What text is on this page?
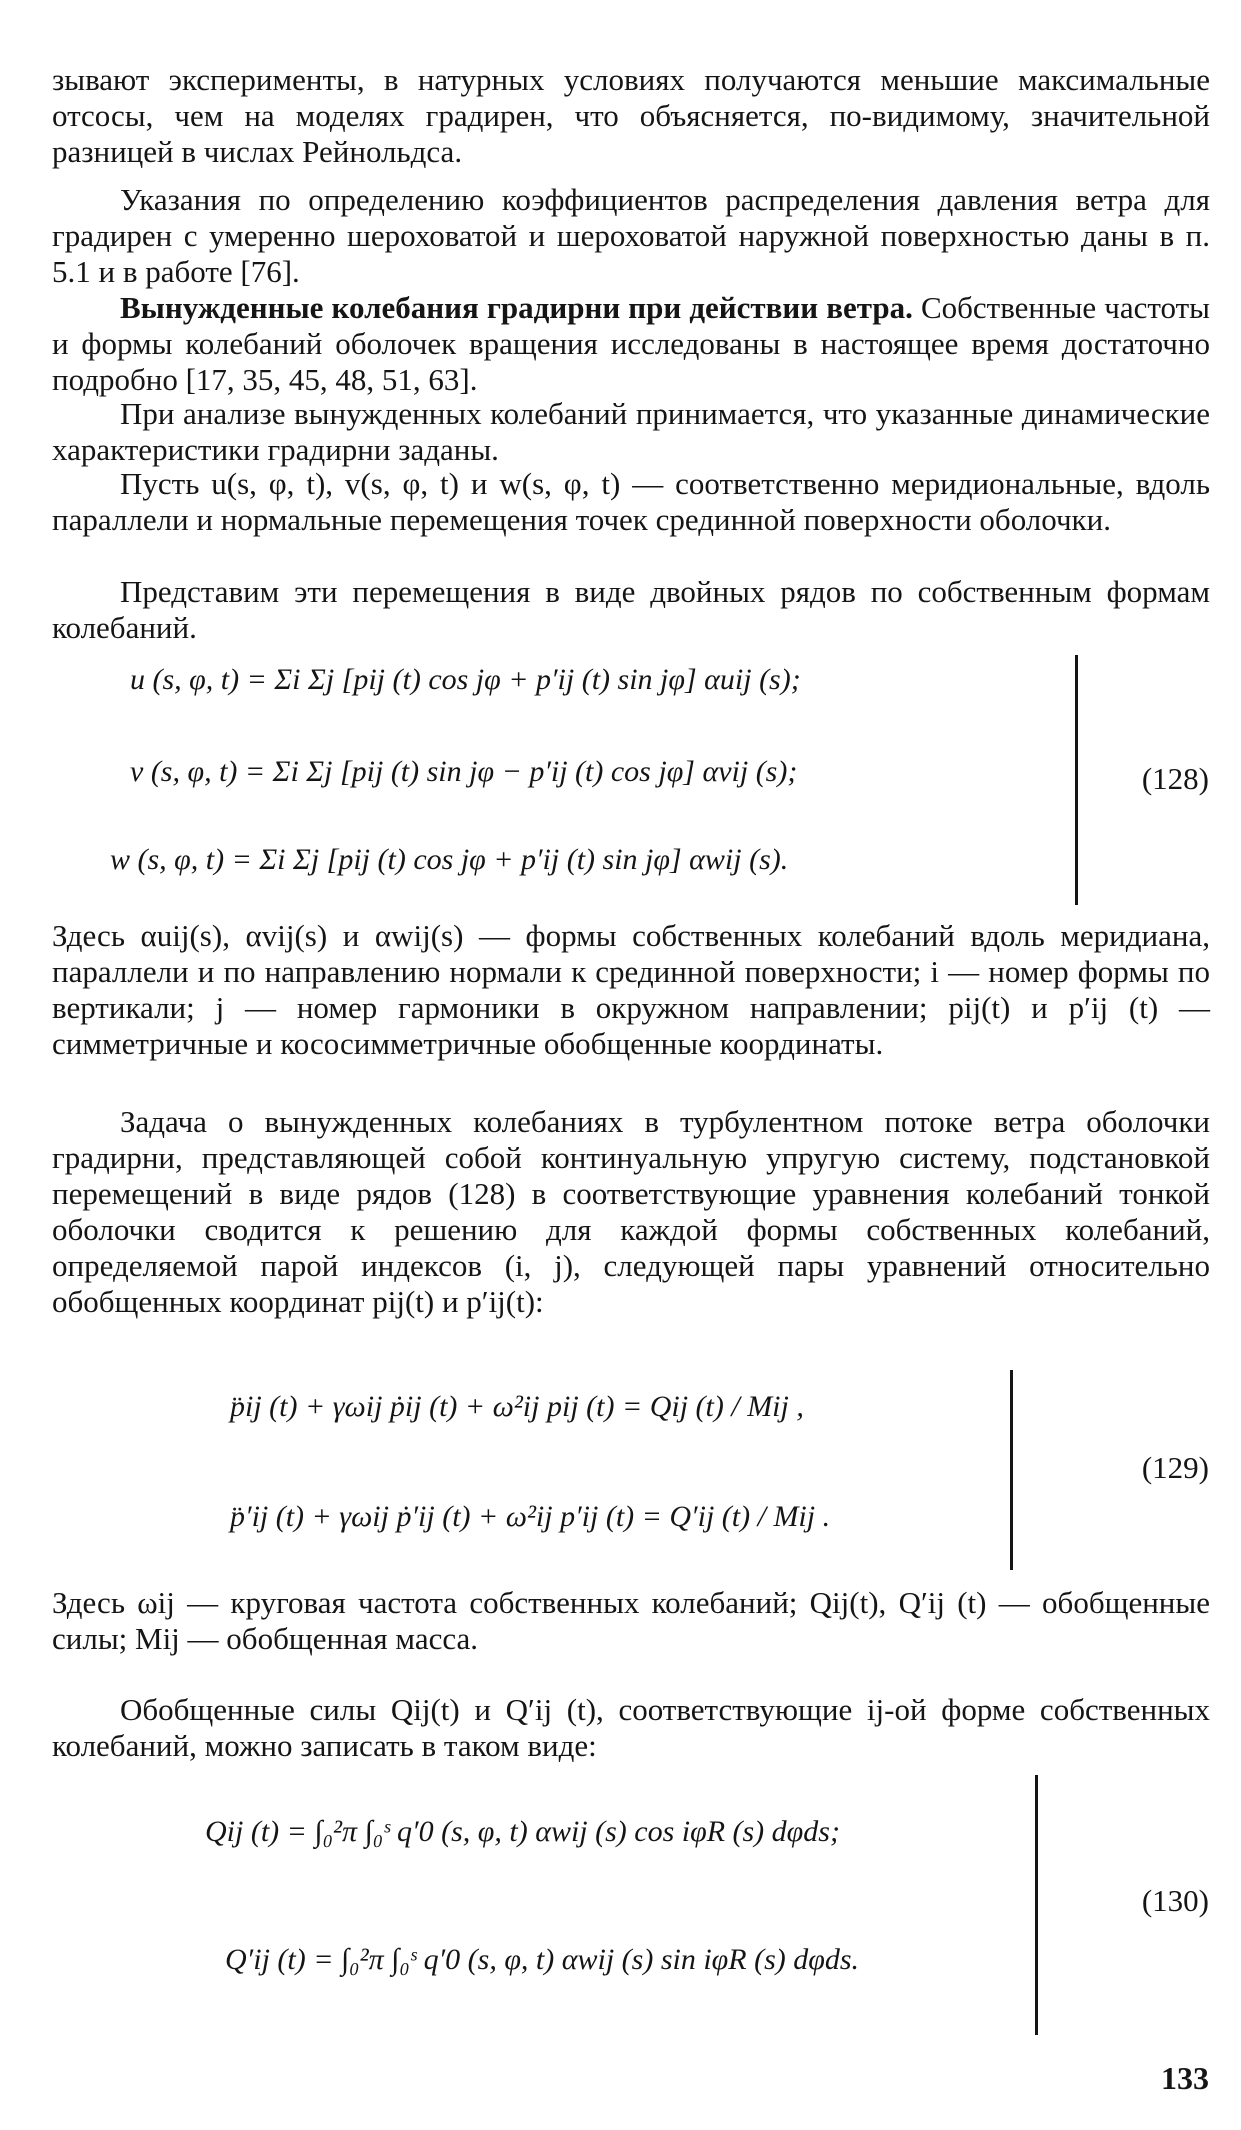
зывают эксперименты, в натурных условиях получаются меньшие максимальные отсосы, чем на моделях градирен, что объясняется, по-видимому, значительной разницей в числах Рейнольдса.

Указания по определению коэффициентов распределения давления ветра для градирен с умеренно шероховатой и шероховатой наружной поверхностью даны в п. 5.1 и в работе [76].

Вынужденные колебания градирни при действии ветра. Собственные частоты и формы колебаний оболочек вращения исследованы в настоящее время достаточно подробно [17, 35, 45, 48, 51, 63].

При анализе вынужденных колебаний принимается, что указанные динамические характеристики градирни заданы.

Пусть u(s, φ, t), v(s, φ, t) и w(s, φ, t) — соответственно меридиональные, вдоль параллели и нормальные перемещения точек срединной поверхности оболочки.

Представим эти перемещения в виде двойных рядов по собственным формам колебаний.

u (s, φ, t) = Σi Σj [pij (t) cos jφ + p′ij (t) sin jφ] αuij (s);
v (s, φ, t) = Σi Σj [pij (t) sin jφ − p′ij (t) cos jφ] αvij (s);
w (s, φ, t) = Σi Σj [pij (t) cos jφ + p′ij (t) sin jφ] αwij (s).
(128)

Здесь αuij(s), αvij(s) и αwij(s) — формы собственных колебаний вдоль меридиана, параллели и по направлению нормали к срединной поверхности; i — номер формы по вертикали; j — номер гармоники в окружном направлении; pij(t) и p′ij (t) — симметричные и кососимметричные обобщенные координаты.

Задача о вынужденных колебаниях в турбулентном потоке ветра оболочки градирни, представляющей собой континуальную упругую систему, подстановкой перемещений в виде рядов (128) в соответствующие уравнения колебаний тонкой оболочки сводится к решению для каждой формы собственных колебаний, определяемой парой индексов (i, j), следующей пары уравнений относительно обобщенных координат pij(t) и p′ij(t):

p̈ij (t) + γωij ṗij (t) + ω²ij pij (t) = Qij (t) / Mij ,
p̈′ij (t) + γωij ṗ′ij (t) + ω²ij p′ij (t) = Q′ij (t) / Mij .
(129)

Здесь ωij — круговая частота собственных колебаний; Qij(t), Q′ij (t) — обобщенные силы; Mij — обобщенная масса.

Обобщенные силы Qij(t) и Q′ij (t), соответствующие ij-ой форме собственных колебаний, можно записать в таком виде:

Qij (t) = ∫₀²π ∫₀ˢ q′0 (s, φ, t) αwij (s) cos iφR (s) dφds;
Q′ij (t) = ∫₀²π ∫₀ˢ q′0 (s, φ, t) αwij (s) sin iφR (s) dφds.
(130)
133
